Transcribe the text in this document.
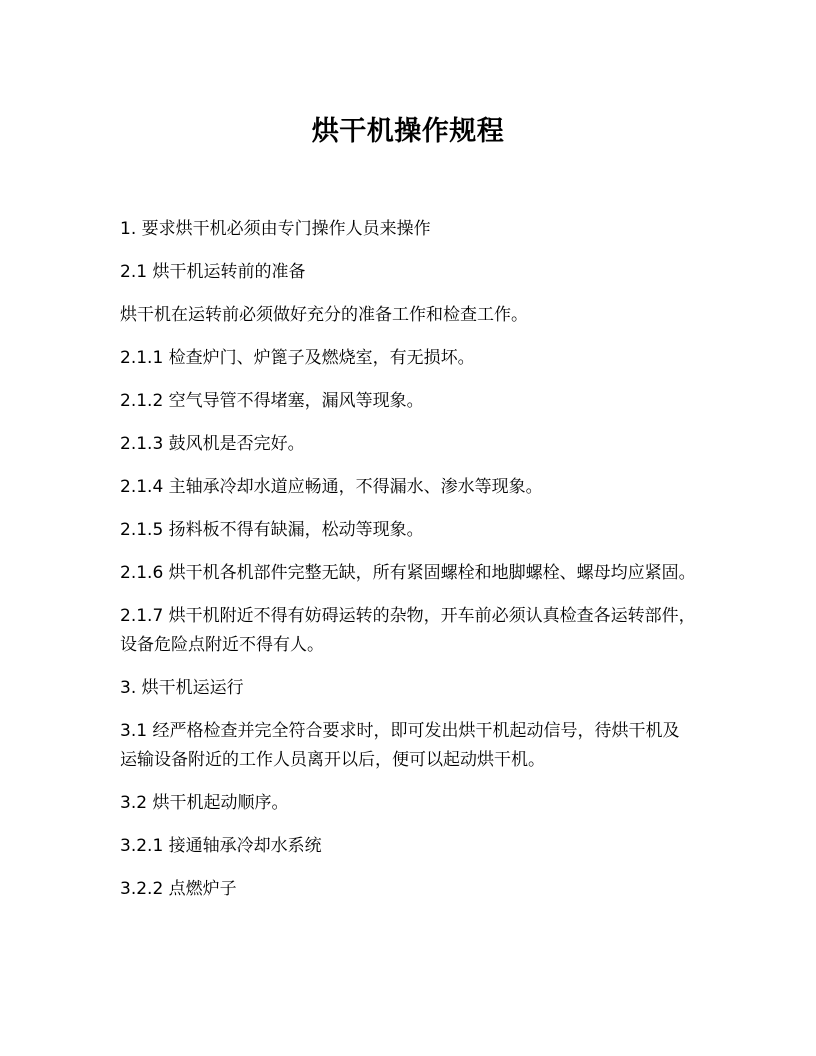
烘干机操作规程

1. 要求烘干机必须由专门操作人员来操作

2.1 烘干机运转前的准备

烘干机在运转前必须做好充分的准备工作和检查工作。

2.1.1 检查炉门、炉篦子及燃烧室，有无损坏。

2.1.2 空气导管不得堵塞，漏风等现象。

2.1.3 鼓风机是否完好。

2.1.4 主轴承冷却水道应畅通，不得漏水、渗水等现象。

2.1.5 扬料板不得有缺漏，松动等现象。

2.1.6 烘干机各机部件完整无缺，所有紧固螺栓和地脚螺栓、螺母均应紧固。

2.1.7 烘干机附近不得有妨碍运转的杂物，开车前必须认真检查各运转部件，设备危险点附近不得有人。

3. 烘干机运运行

3.1 经严格检查并完全符合要求时，即可发出烘干机起动信号，待烘干机及运输设备附近的工作人员离开以后，便可以起动烘干机。

3.2 烘干机起动顺序。

3.2.1 接通轴承冷却水系统

3.2.2 点燃炉子
